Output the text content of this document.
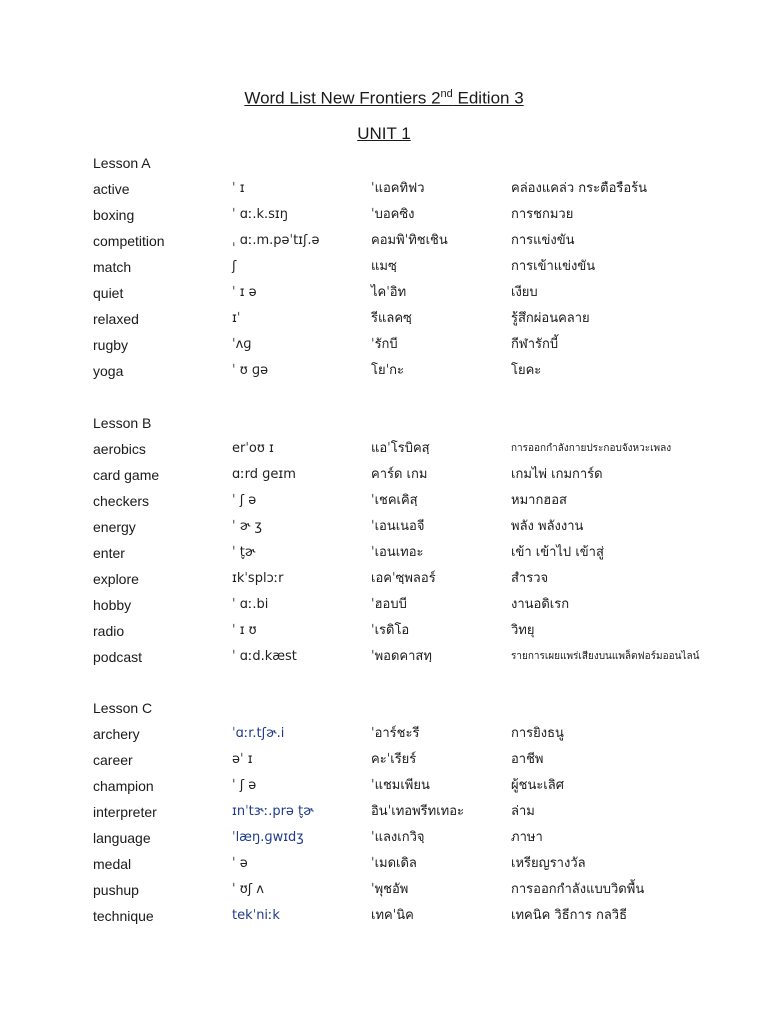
Word List New Frontiers 2nd Edition 3
UNIT 1
Lesson A
active	ˈ ɪ	ˈแอคทิฟว	คล่องแคล่ว กระตือรือร้น
boxing	ˈ ɑː.k.sɪŋ	ˈบอคซิง	การชกมวย
competition	ˌ ɑː.m.pəˈtɪʃ.ə	คอมพิˈทิชเชิน	การแข่งขัน
match	ʃ	แมซฺ	การเข้าแข่งขัน
quiet	ˈ ɪ ə	ไคˈอิท	เงียบ
relaxed	ɪˈ	รีแลคซฺ	รู้สึกผ่อนคลาย
rugby	ˈʌɡ	ˈรักบี	กีฬารักบี้
yoga	ˈ ʊ ɡə	โยˈกะ	โยคะ
Lesson B
aerobics	erˈoʊ ɪ	แอˈโรบิคสฺ	การออกกำลังกายประกอบจังหวะเพลง
card game	ɑːrd ɡeɪm	คาร์ด เกม	เกมไพ่ เกมการ์ด
checkers	ˈ ʃ ə	ˈเชคเคิสฺ	หมากฮอส
energy	ˈ ɚ ʒ	ˈเอนเนอจี	พลัง พลังงาน
enter	ˈ t̬ɚ	ˈเอนเทอะ	เข้า เข้าไป เข้าสู่
explore	ɪkˈsplɔːr	เอคˈซฺพลอร์	สำรวจ
hobby	ˈ ɑː.bi	ˈฮอบบี	งานอดิเรก
radio	ˈ ɪ ʊ	ˈเรดิโอ	วิทยุ
podcast	ˈ ɑːd.kæst	ˈพอดคาสทฺ	รายการเผยแพร่เสียงบนแพล็ตฟอร์มออนไลน์
Lesson C
archery	ˈɑːr.tʃɚ.i	ˈอาร์ชะรี	การยิงธนู
career	əˈ ɪ	คะˈเรียร์	อาชีพ
champion	ˈ ʃ ə	ˈแชมเพียน	ผู้ชนะเลิศ
interpreter	ɪnˈtɝː.prə t̬ɚ	อินˈเทอพรีทเทอะ	ล่าม
language	ˈlæŋ.ɡwɪdʒ	ˈแลงเกวิจฺ	ภาษา
medal	ˈ ə	ˈเมดเดิล	เหรียญรางวัล
pushup	ˈ ʊʃ ʌ	ˈพุชอัพ	การออกกำลังแบบวิดพื้น
technique	tekˈniːk	เทคˈนิค	เทคนิค วิธีการ กลวิธี
